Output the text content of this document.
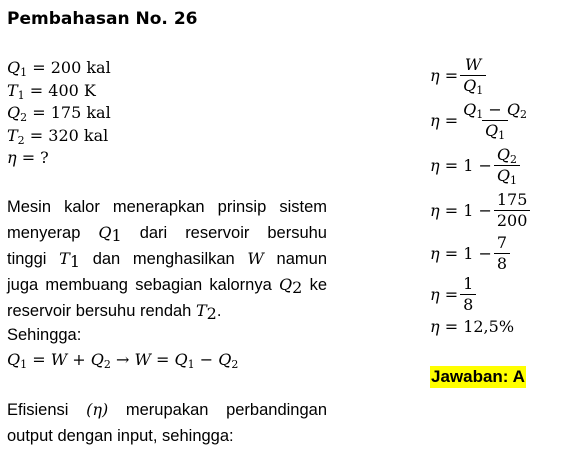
Pembahasan No. 26
$Q_1 = 200$ kal
$T_1 = 400$ K
$Q_2 = 175$ kal
$T_2 = 320$ kal
η = ?
Mesin kalor menerapkan prinsip sistem
menyerap $Q_1$ dari reservoir bersuhu
tinggi $T_1$ dan menghasilkan W namun
juga membuang sebagian kalornya $Q_2$ ke
reservoir bersuhu rendah $T_2$.
Sehingga:
$Q_1 = W + Q_2 \to W = Q_1 - Q_2$
Efisiensi (η) merupakan perbandingan
output dengan input, sehingga:
η
= $\frac{W}{Q_1}$
η
= $\frac{Q_1 - Q_2}{Q_1}$
η
=
1
− $\frac{Q_2}{Q_1}$
η
=
1
− $\frac{175}{200}$
η
=
1
− $\frac{7}{8}$
η
= $\frac{1}{8}$
η
=
12,5%
Jawaban: A
